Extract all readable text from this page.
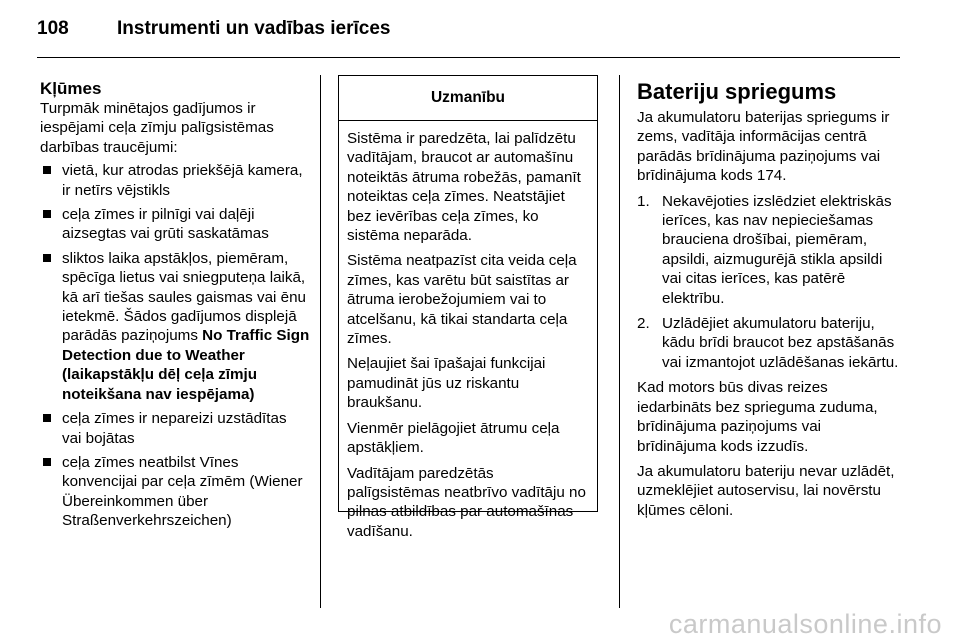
108	Instrumenti un vadības ierīces
Kļūmes

Turpmāk minētajos gadījumos ir iespējami ceļa zīmju palīgsistēmas darbības traucējumi:

vietā, kur atrodas priekšējā kamera, ir netīrs vējstikls
ceļa zīmes ir pilnīgi vai daļēji aizsegtas vai grūti saskatāmas
sliktos laika apstākļos, piemēram, spēcīga lietus vai sniegputeņa laikā, kā arī tiešas saules gaismas vai ēnu ietekmē. Šādos gadījumos displejā parādās paziņojums No Traffic Sign Detection due to Weather (laikapstākļu dēļ ceļa zīmju noteikšana nav iespējama)
ceļa zīmes ir nepareizi uzstādītas vai bojātas
ceļa zīmes neatbilst Vīnes konvencijai par ceļa zīmēm (Wiener Übereinkommen über Straßenverkehrszeichen)
Uzmanību

Sistēma ir paredzēta, lai palīdzētu vadītājam, braucot ar automašīnu noteiktās ātruma robežās, pamanīt noteiktas ceļa zīmes. Neatstājiet bez ievērības ceļa zīmes, ko sistēma neparāda.

Sistēma neatpazīst cita veida ceļa zīmes, kas varētu būt saistītas ar ātruma ierobežojumiem vai to atcelšanu, kā tikai standarta ceļa zīmes.

Neļaujiet šai īpašajai funkcijai pamudināt jūs uz riskantu braukšanu.

Vienmēr pielāgojiet ātrumu ceļa apstākļiem.

Vadītājam paredzētās palīgsistēmas neatbrīvo vadītāju no pilnas atbildības par automašīnas vadīšanu.

Bateriju spriegums

Ja akumulatoru baterijas spriegums ir zems, vadītāja informācijas centrā parādās brīdinājuma paziņojums vai brīdinājuma kods 174.

1. Nekavējoties izslēdziet elektriskās ierīces, kas nav nepieciešamas brauciena drošībai, piemēram, apsildi, aizmugurējā stikla apsildi vai citas ierīces, kas patērē elektrību.
2. Uzlādējiet akumulatoru bateriju, kādu brīdi braucot bez apstāšanās vai izmantojot uzlādēšanas iekārtu.

Kad motors būs divas reizes iedarbināts bez sprieguma zuduma, brīdinājuma paziņojums vai brīdinājuma kods izzudīs.

Ja akumulatoru bateriju nevar uzlādēt, uzmeklējiet autoservisu, lai novērstu kļūmes cēloni.

carmanualsonline.info
